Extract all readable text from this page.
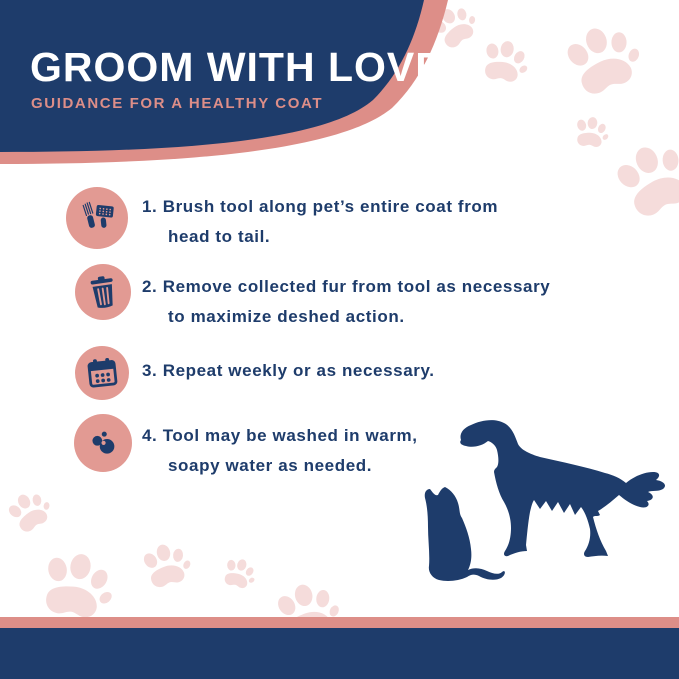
GROOM WITH LOVE
GUIDANCE FOR A HEALTHY COAT
1. Brush tool along pet’s entire coat from
head to tail.
2. Remove collected fur from tool as necessary
to maximize deshed action.
3. Repeat weekly or as necessary.
4. Tool may be washed in warm,
soapy water as needed.
